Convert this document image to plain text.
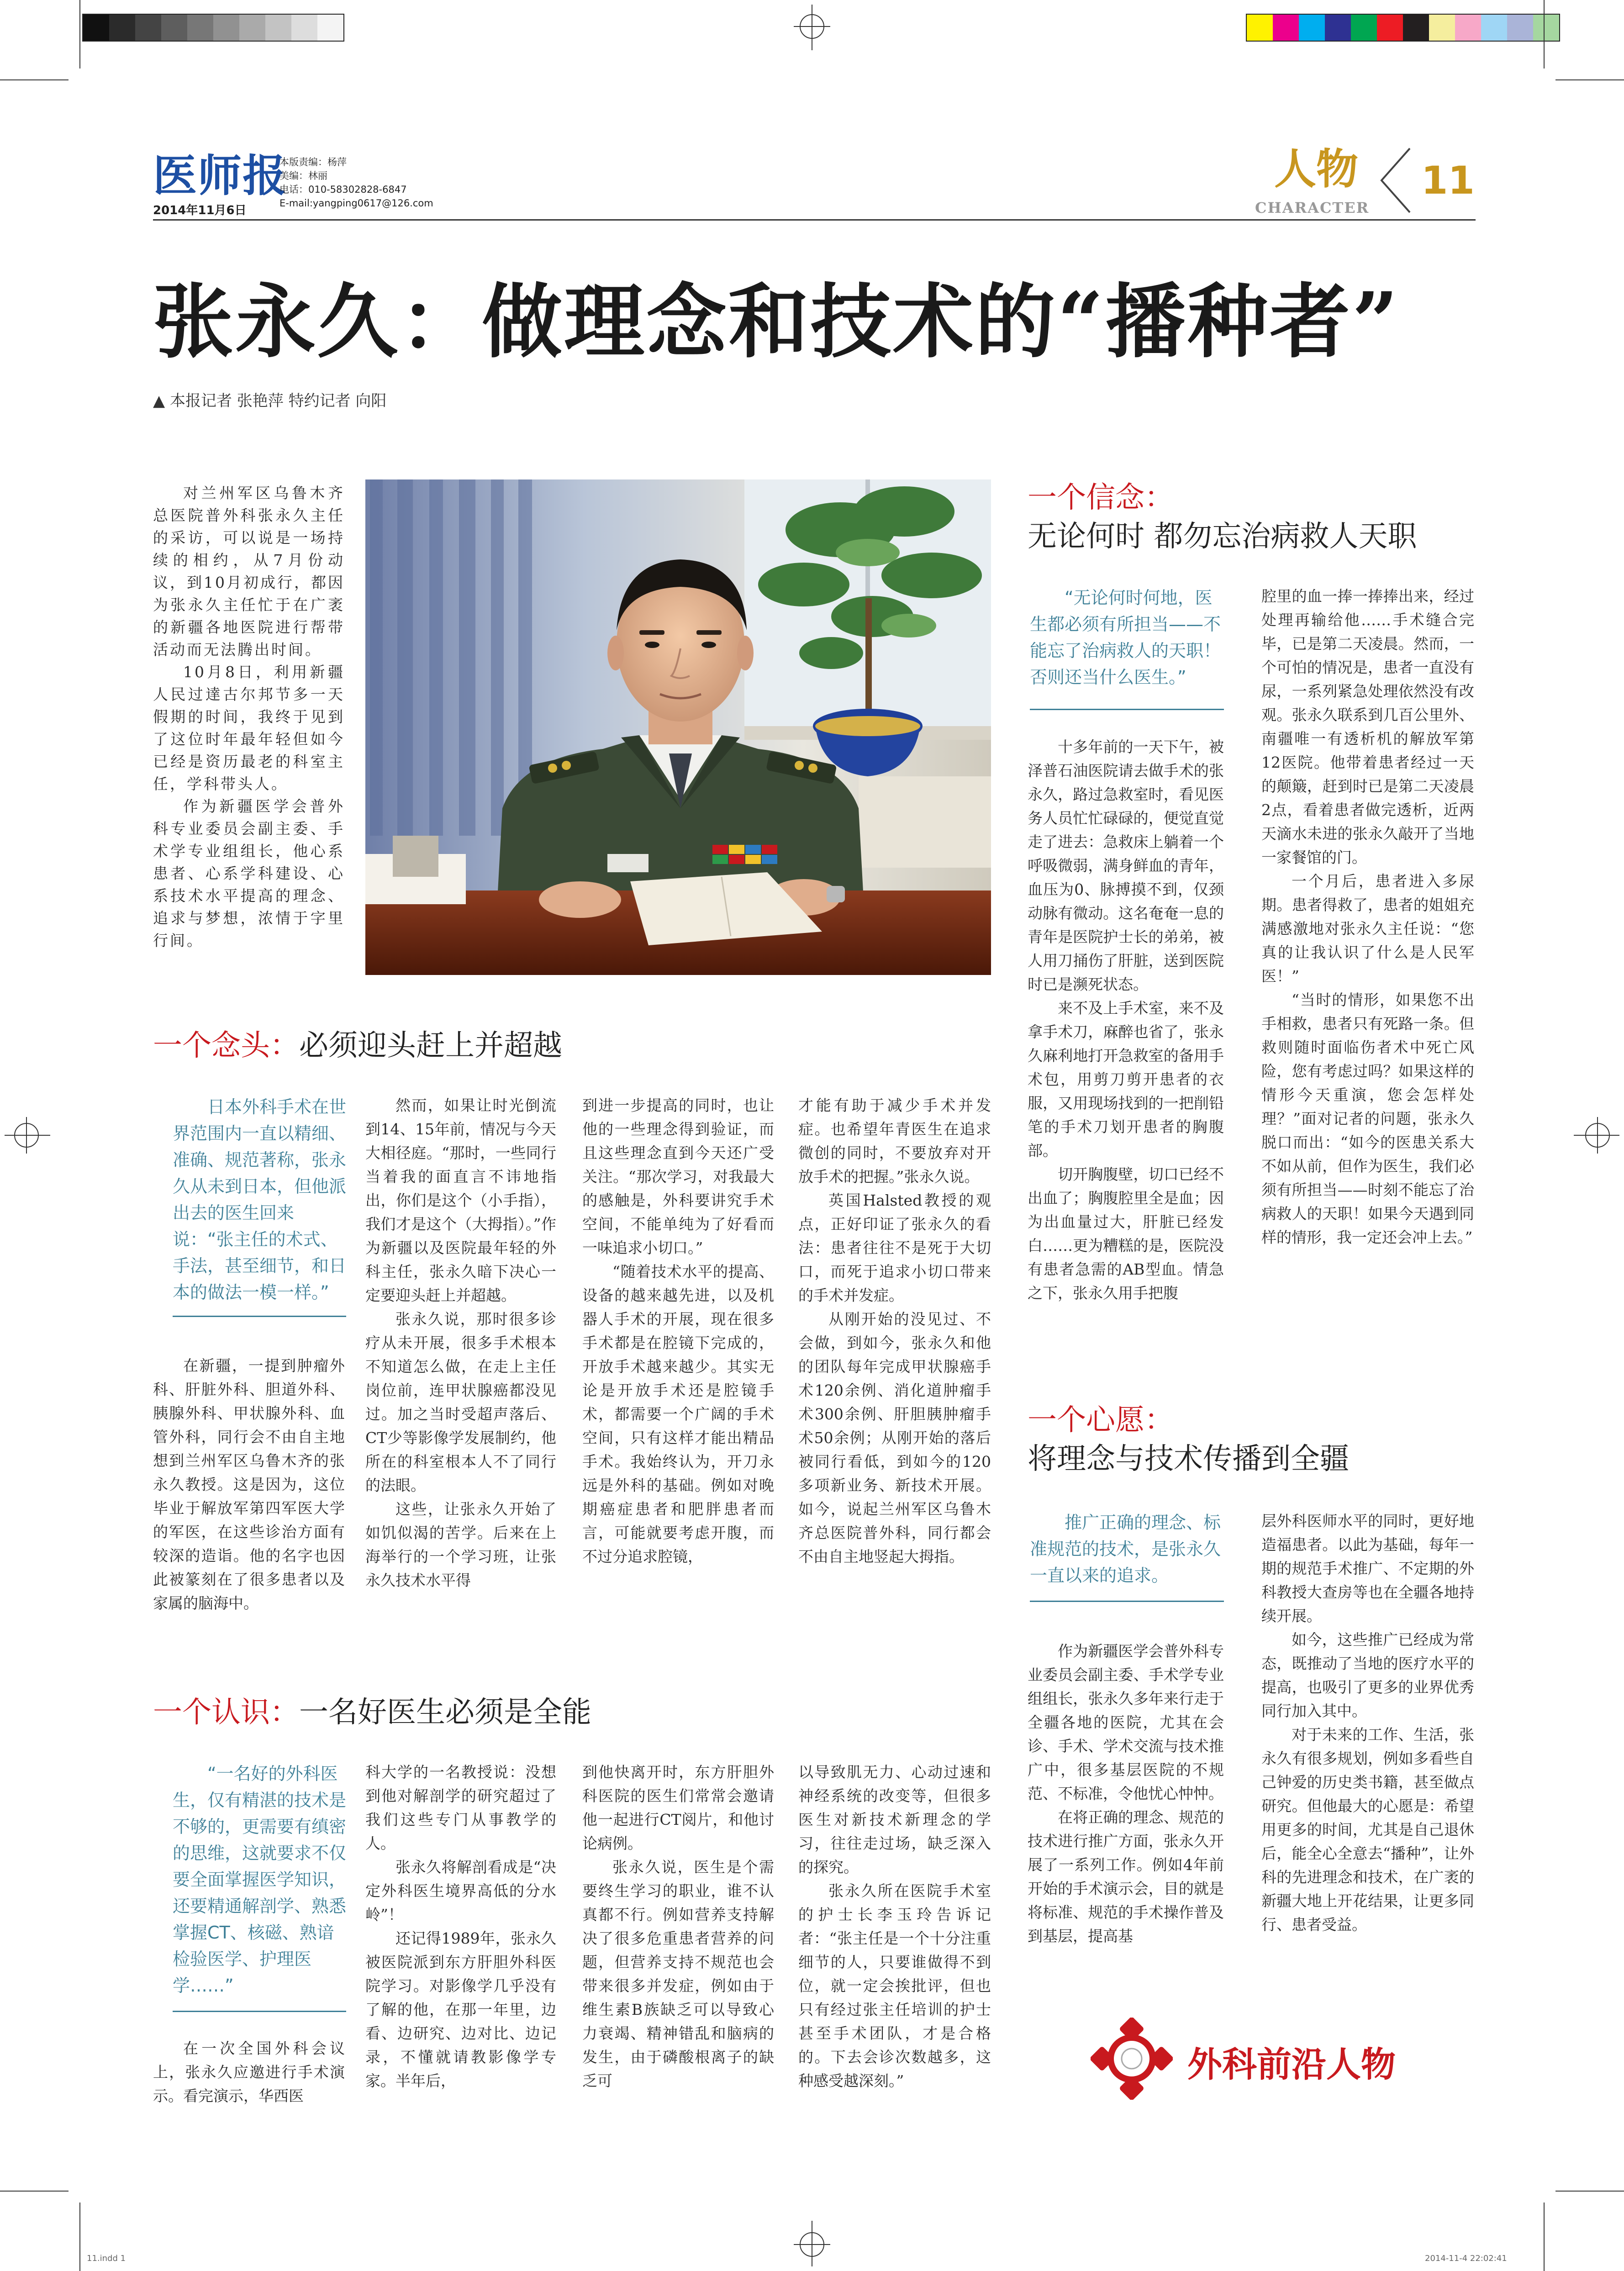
医师报
2014年11月6日
本版责编：杨萍
美编：林丽
电话：010-58302828-6847
E-mail:yangping0617@126.com
人物
CHARACTER
11
张永久：做理念和技术的“播种者”
▲ 本报记者 张艳萍 特约记者 向阳

对兰州军区乌鲁木齐总医院普外科张永久主任的采访，可以说是一场持续的相约，从7月份动议，到10月初成行，都因为张永久主任忙于在广袤的新疆各地医院进行帮带活动而无法腾出时间。

10月8日，利用新疆人民过達古尔邦节多一天假期的时间，我终于见到了这位时年最年轻但如今已经是资历最老的科室主任，学科带头人。

作为新疆医学会普外科专业委员会副主委、手术学专业组组长，他心系患者、心系学科建设、心系技术水平提高的理念、追求与梦想，浓情于字里行间。

一个念头：必须迎头赶上并超越

日本外科手术在世界范围内一直以精细、准确、规范著称，张永久从未到日本，但他派出去的医生回来说：“张主任的术式、手法，甚至细节，和日本的做法一模一样。”

在新疆，一提到肿瘤外科、肝脏外科、胆道外科、胰腺外科、甲状腺外科、血管外科，同行会不由自主地想到兰州军区乌鲁木齐的张永久教授。这是因为，这位毕业于解放军第四军医大学的军医，在这些诊治方面有较深的造诣。他的名字也因此被篆刻在了很多患者以及家属的脑海中。

然而，如果让时光倒流到14、15年前，情况与今天大相径庭。“那时，一些同行当着我的面直言不讳地指出，你们是这个（小手指），我们才是这个（大拇指）。”作为新疆以及医院最年轻的外科主任，张永久暗下决心一定要迎头赶上并超越。

张永久说，那时很多诊疗从未开展，很多手术根本不知道怎么做，在走上主任岗位前，连甲状腺癌都没见过。加之当时受超声落后、CT少等影像学发展制约，他所在的科室根本人不了同行的法眼。

这些，让张永久开始了如饥似渴的苦学。后来在上海举行的一个学习班，让张永久技术水平得

到进一步提高的同时，也让他的一些理念得到验证，而且这些理念直到今天还广受关注。“那次学习，对我最大的感触是，外科要讲究手术空间，不能单纯为了好看而一味追求小切口。”

“随着技术水平的提高、设备的越来越先进，以及机器人手术的开展，现在很多手术都是在腔镜下完成的，开放手术越来越少。其实无论是开放手术还是腔镜手术，都需要一个广阔的手术空间，只有这样才能出精品手术。我始终认为，开刀永远是外科的基础。例如对晚期癌症患者和肥胖患者而言，可能就要考虑开腹，而不过分追求腔镜，

才能有助于减少手术并发症。也希望年青医生在追求微创的同时，不要放弃对开放手术的把握。”张永久说。

英国Halsted教授的观点，正好印证了张永久的看法：患者往往不是死于大切口，而死于追求小切口带来的手术并发症。

从刚开始的没见过、不会做，到如今，张永久和他的团队每年完成甲状腺癌手术120余例、消化道肿瘤手术300余例、肝胆胰肿瘤手术50余例；从刚开始的落后被同行看低，到如今的120多项新业务、新技术开展。如今，说起兰州军区乌鲁木齐总医院普外科，同行都会不由自主地竖起大拇指。

一个认识：一名好医生必须是全能

“一名好的外科医生，仅有精湛的技术是不够的，更需要有缜密的思维，这就要求不仅要全面掌握医学知识，还要精通解剖学、熟悉掌握CT、核磁、熟谙检验医学、护理医学……”

在一次全国外科会议上，张永久应邀进行手术演示。看完演示，华西医

科大学的一名教授说：没想到他对解剖学的研究超过了我们这些专门从事教学的人。

张永久将解剖看成是“决定外科医生境界高低的分水岭”！

还记得1989年，张永久被医院派到东方肝胆外科医院学习。对影像学几乎没有了解的他，在那一年里，边看、边研究、边对比、边记录，不懂就请教影像学专家。半年后，

到他快离开时，东方肝胆外科医院的医生们常常会邀请他一起进行CT阅片，和他讨论病例。

张永久说，医生是个需要终生学习的职业，谁不认真都不行。例如营养支持解决了很多危重患者营养的问题，但营养支持不规范也会带来很多并发症，例如由于维生素B族缺乏可以导致心力衰竭、精神错乱和脑病的发生，由于磷酸根离子的缺乏可

以导致肌无力、心动过速和神经系统的改变等，但很多医生对新技术新理念的学习，往往走过场，缺乏深入的探究。

张永久所在医院手术室的护士长李玉玲告诉记者：“张主任是一个十分注重细节的人，只要谁做得不到位，就一定会挨批评，但也只有经过张主任培训的护士甚至手术团队，才是合格的。下去会诊次数越多，这种感受越深刻。”

一个信念：
无论何时 都勿忘治病救人天职

“无论何时何地，医生都必须有所担当——不能忘了治病救人的天职！否则还当什么医生。”

十多年前的一天下午，被泽普石油医院请去做手术的张永久，路过急救室时，看见医务人员忙忙碌碌的，便觉直觉走了进去：急救床上躺着一个呼吸微弱，满身鲜血的青年，血压为0、脉搏摸不到，仅颈动脉有微动。这名奄奄一息的青年是医院护士长的弟弟，被人用刀捅伤了肝脏，送到医院时已是濒死状态。

来不及上手术室，来不及拿手术刀，麻醉也省了，张永久麻利地打开急救室的备用手术包，用剪刀剪开患者的衣服，又用现场找到的一把削铅笔的手术刀划开患者的胸腹部。

切开胸腹壁，切口已经不出血了；胸腹腔里全是血；因为出血量过大，肝脏已经发白……更为糟糕的是，医院没有患者急需的AB型血。情急之下，张永久用手把腹

腔里的血一捧一捧捧出来，经过处理再输给他……手术缝合完毕，已是第二天凌晨。然而，一个可怕的情况是，患者一直没有尿，一系列紧急处理依然没有改观。张永久联系到几百公里外、南疆唯一有透析机的解放军第12医院。他带着患者经过一天的颠簸，赶到时已是第二天凌晨2点，看着患者做完透析，近两天滴水未进的张永久敲开了当地一家餐馆的门。

一个月后，患者进入多尿期。患者得救了，患者的姐姐充满感激地对张永久主任说：“您真的让我认识了什么是人民军医！”

“当时的情形，如果您不出手相救，患者只有死路一条。但救则随时面临伤者术中死亡风险，您有考虑过吗？如果这样的情形今天重演，您会怎样处理？”面对记者的问题，张永久脱口而出：“如今的医患关系大不如从前，但作为医生，我们必须有所担当——时刻不能忘了治病救人的天职！如果今天遇到同样的情形，我一定还会冲上去。”

一个心愿：
将理念与技术传播到全疆

推广正确的理念、标准规范的技术，是张永久一直以来的追求。

作为新疆医学会普外科专业委员会副主委、手术学专业组组长，张永久多年来行走于全疆各地的医院，尤其在会诊、手术、学术交流与技术推广中，很多基层医院的不规范、不标准，令他忧心忡忡。

在将正确的理念、规范的技术进行推广方面，张永久开展了一系列工作。例如4年前开始的手术演示会，目的就是将标准、规范的手术操作普及到基层，提高基

层外科医师水平的同时，更好地造福患者。以此为基础，每年一期的规范手术推广、不定期的外科教授大查房等也在全疆各地持续开展。

如今，这些推广已经成为常态，既推动了当地的医疗水平的提高，也吸引了更多的业界优秀同行加入其中。

对于未来的工作、生活，张永久有很多规划，例如多看些自己钟爱的历史类书籍，甚至做点研究。但他最大的心愿是：希望用更多的时间，尤其是自己退休后，能全心全意去“播种”，让外科的先进理念和技术，在广袤的新疆大地上开花结果，让更多同行、患者受益。

外科前沿人物
11.indd 1	2014-11-4 22:02:41
